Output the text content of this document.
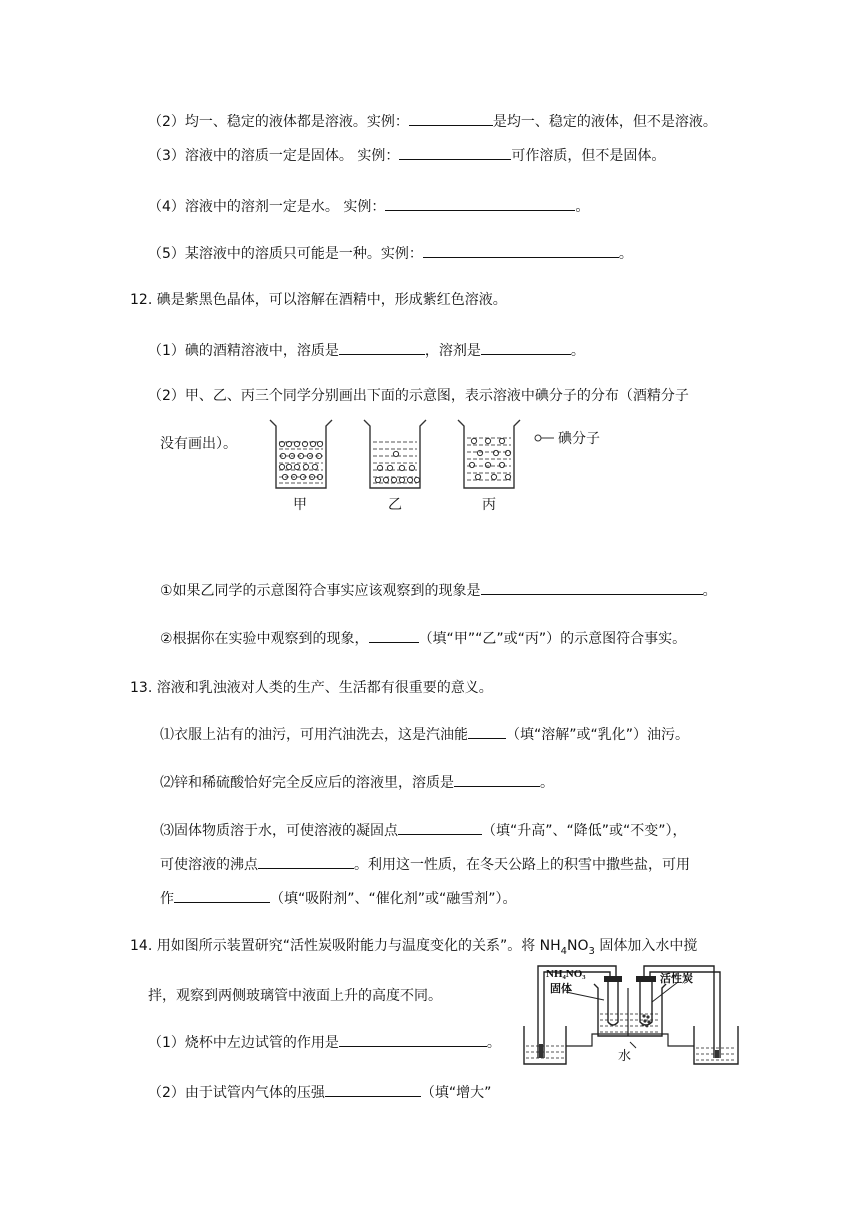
（2）均一、稳定的液体都是溶液。实例：	是均一、稳定的液体，但不是溶液。
（3）溶液中的溶质一定是固体。 实例：	可作溶质，但不是固体。
（4）溶液中的溶剂一定是水。 实例：	。
（5）某溶液中的溶质只可能是一种。实例：	。
12. 碘是紫黑色晶体，可以溶解在酒精中，形成紫红色溶液。
（1）碘的酒精溶液中，溶质是	，溶剂是	。
（2）甲、乙、丙三个同学分别画出下面的示意图，表示溶液中碘分子的分布（酒精分子
没有画出）。	碘分子
甲	乙	丙
①如果乙同学的示意图符合事实应该观察到的现象是	。
②根据你在实验中观察到的现象，	（填“甲”“乙”或“丙”）的示意图符合事实。
13. 溶液和乳浊液对人类的生产、生活都有很重要的意义。
⑴衣服上沾有的油污，可用汽油洗去，这是汽油能	（填“溶解”或“乳化”）油污。
⑵锌和稀硫酸恰好完全反应后的溶液里，溶质是	。
⑶固体物质溶于水，可使溶液的凝固点	（填“升高”、“降低”或“不变”），
可使溶液的沸点	。利用这一性质，在冬天公路上的积雪中撒些盐，可用
作	（填“吸附剂”、“催化剂”或“融雪剂”）。
14. 用如图所示装置研究“活性炭吸附能力与温度变化的关系”。将 $NH_4NO_3$ 固体加入水中搅
拌，观察到两侧玻璃管中液面上升的高度不同。
（1）烧杯中左边试管的作用是	。
（2）由于试管内气体的压强	（填“增大”
NH₄NO₃
固体
活性炭
水
